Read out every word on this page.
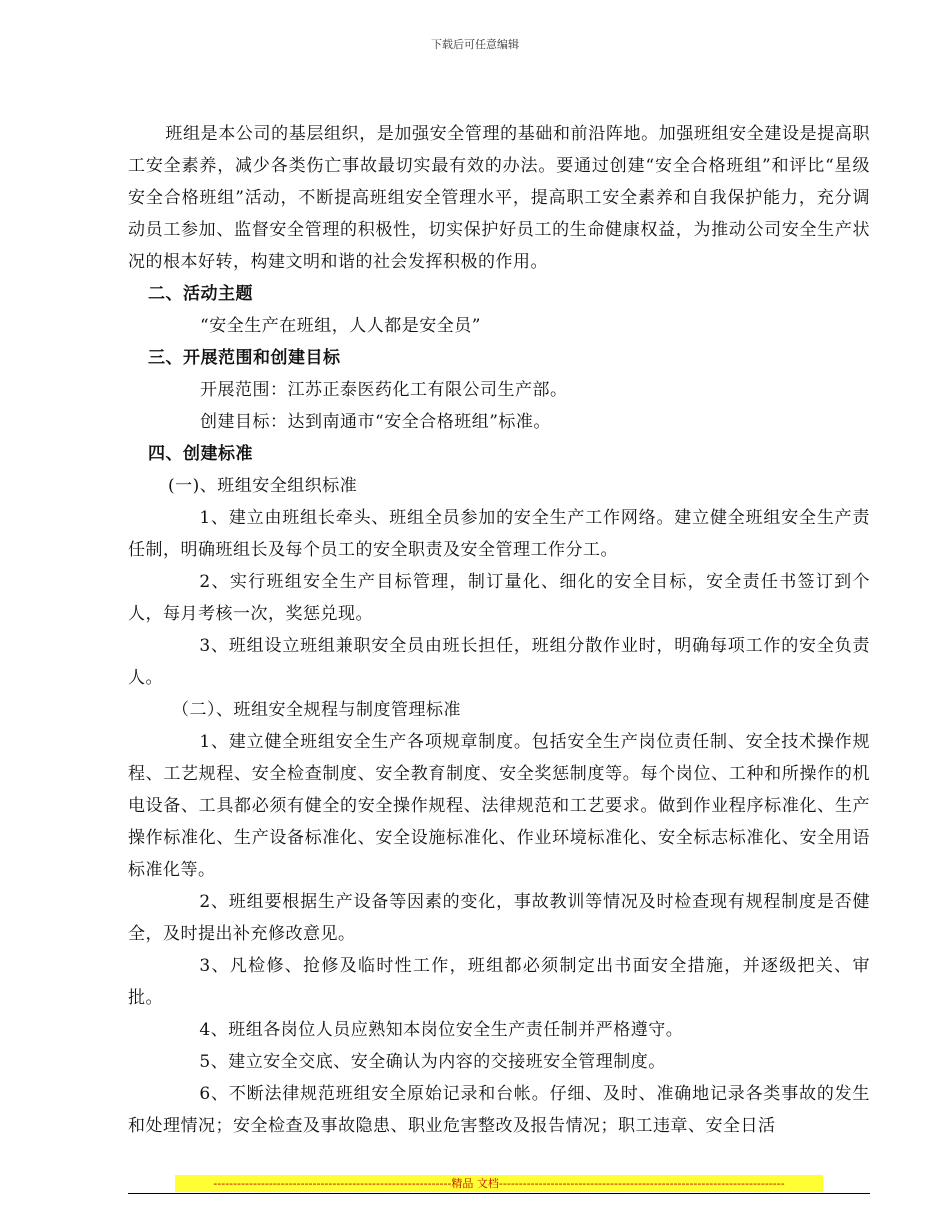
下载后可任意编辑

班组是本公司的基层组织，是加强安全管理的基础和前沿阵地。加强班组安全建设是提高职工安全素养，减少各类伤亡事故最切实最有效的办法。要通过创建“安全合格班组”和评比“星级安全合格班组”活动，不断提高班组安全管理水平，提高职工安全素养和自我保护能力，充分调动员工参加、监督安全管理的积极性，切实保护好员工的生命健康权益，为推动公司安全生产状况的根本好转，构建文明和谐的社会发挥积极的作用。

二、活动主题

“安全生产在班组，人人都是安全员”

三、开展范围和创建目标

开展范围：江苏正泰医药化工有限公司生产部。

创建目标：达到南通市“安全合格班组”标准。

四、创建标准

(一)、班组安全组织标准

1、建立由班组长牵头、班组全员参加的安全生产工作网络。建立健全班组安全生产责任制，明确班组长及每个员工的安全职责及安全管理工作分工。

2、实行班组安全生产目标管理，制订量化、细化的安全目标，安全责任书签订到个人，每月考核一次，奖惩兑现。

3、班组设立班组兼职安全员由班长担任，班组分散作业时，明确每项工作的安全负责人。

（二）、班组安全规程与制度管理标准

1、建立健全班组安全生产各项规章制度。包括安全生产岗位责任制、安全技术操作规程、工艺规程、安全检查制度、安全教育制度、安全奖惩制度等。每个岗位、工种和所操作的机电设备、工具都必须有健全的安全操作规程、法律规范和工艺要求。做到作业程序标准化、生产操作标准化、生产设备标准化、安全设施标准化、作业环境标准化、安全标志标准化、安全用语标准化等。

2、班组要根据生产设备等因素的变化，事故教训等情况及时检查现有规程制度是否健全，及时提出补充修改意见。

3、凡检修、抢修及临时性工作，班组都必须制定出书面安全措施，并逐级把关、审批。

4、班组各岗位人员应熟知本岗位安全生产责任制并严格遵守。

5、建立安全交底、安全确认为内容的交接班安全管理制度。

6、不断法律规范班组安全原始记录和台帐。仔细、及时、准确地记录各类事故的发生和处理情况；安全检查及事故隐患、职业危害整改及报告情况；职工违章、安全日活

------------------------------------------------------------精品 文档------------------------------------------------------------------------
